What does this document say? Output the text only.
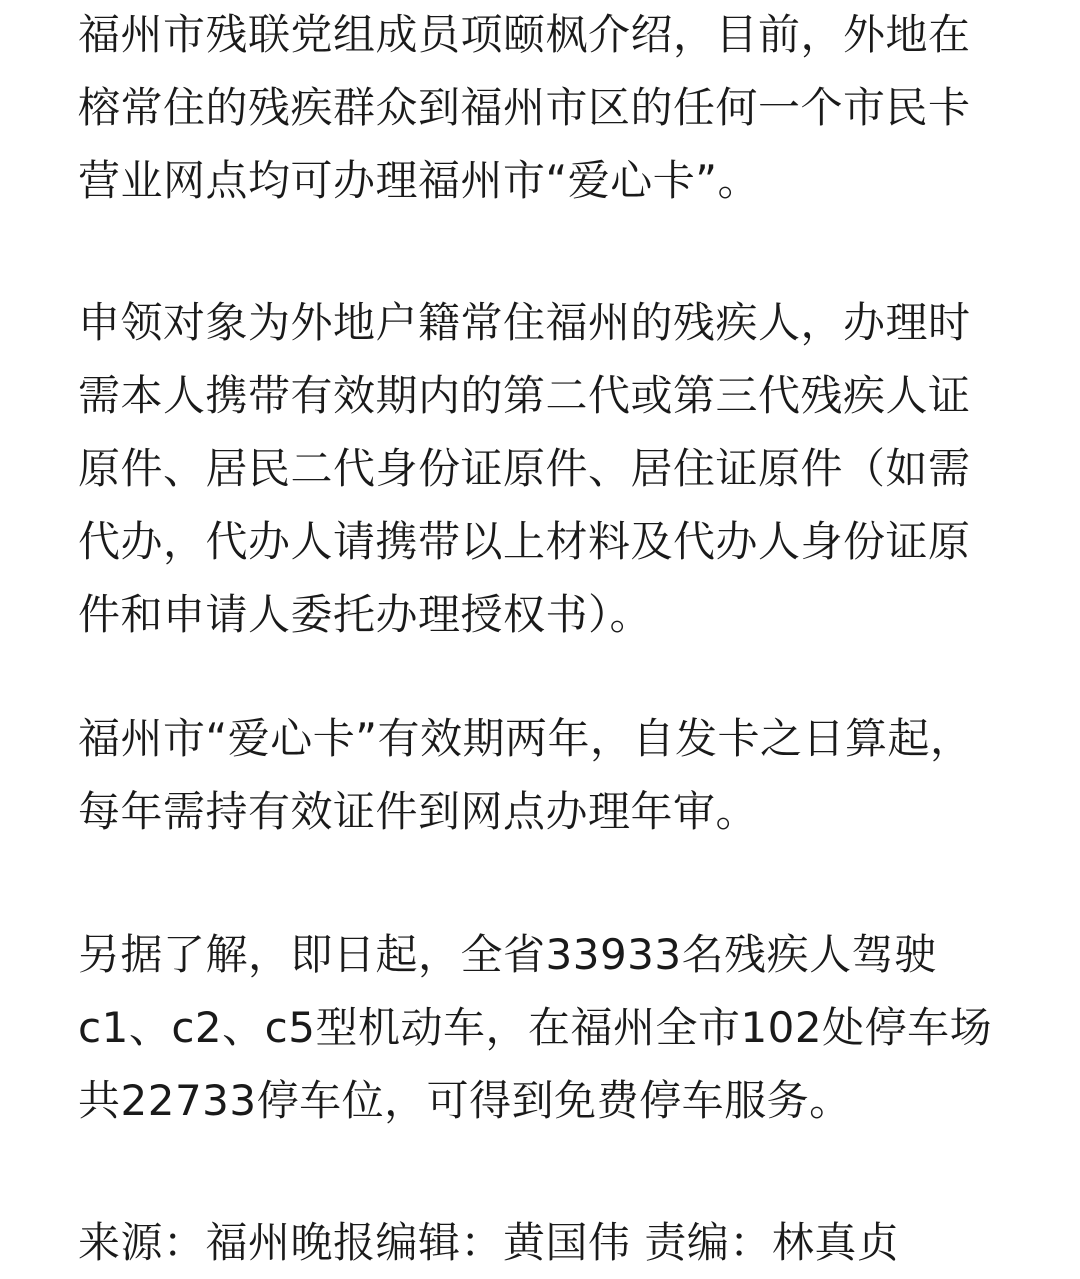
福州市残联党组成员项颐枫介绍，目前，外地在
榕常住的残疾群众到福州市区的任何一个市民卡
营业网点均可办理福州市“爱心卡”。
申领对象为外地户籍常住福州的残疾人，办理时
需本人携带有效期内的第二代或第三代残疾人证
原件、居民二代身份证原件、居住证原件（如需
代办，代办人请携带以上材料及代办人身份证原
件和申请人委托办理授权书）。
福州市“爱心卡”有效期两年，自发卡之日算起，
每年需持有效证件到网点办理年审。
另据了解，即日起，全省33933名残疾人驾驶
c1、c2、c5型机动车，在福州全市102处停车场
共22733停车位，可得到免费停车服务。
来源：福州晚报编辑：黄国伟 责编：林真贞
